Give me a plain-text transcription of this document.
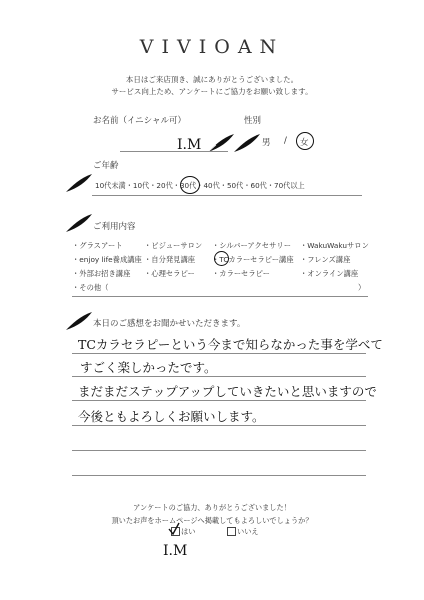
VIVIOAN
本日はご来店頂き、誠にありがとうございました。
サービス向上ため、アンケートにご協力をお願い致します。
お名前（イニシャル可）	性別
I.M	男 / 女
ご年齢
10代未満・10代・20代・30代・40代・50代・60代・70代以上
ご利用内容
・グラスアート	・ビジューサロン ・シルバーアクセサリー ・WakuWakuサロン
・enjoy life養成講座 ・自分発見講座 ・TCカラーセラピー講座 ・フレンズ講座
・外部お招き講座 ・心理セラピー ・カラーセラピー	・オンライン講座
・その他（	）
本日のご感想をお聞かせいただきます。
TCカラセラピーという今まで知らなかった事を学べて
すごく楽しかったです。
まだまだステップアップしていきたいと思いますので
今後ともよろしくお願いします。
アンケートのご協力、ありがとうございました！
頂いたお声をホームページへ掲載してもよろしいでしょうか？
はい	いいえ
I.M
